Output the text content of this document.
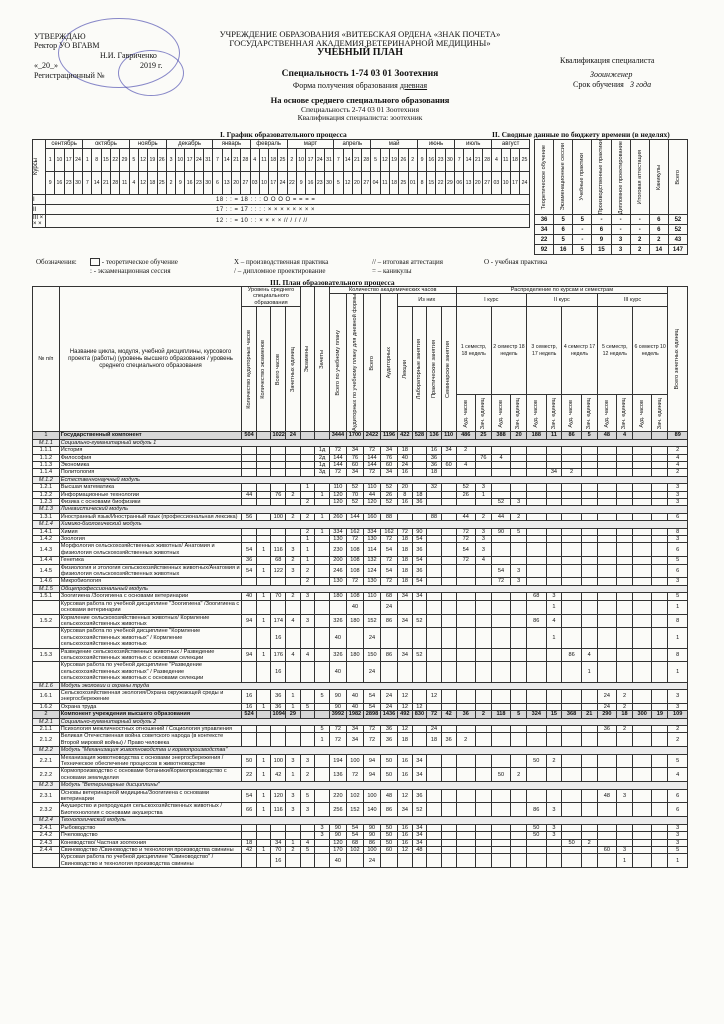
УТВЕРЖДАЮ
Ректор УО ВГАВМ
Н.И. Гавриченко
«_20_»	2019 г.
Регистрационный №
УЧРЕЖДЕНИЕ ОБРАЗОВАНИЯ «ВИТЕБСКАЯ ОРДЕНА «ЗНАК ПОЧЕТА»
ГОСУДАРСТВЕННАЯ АКАДЕМИЯ ВЕТЕРИНАРНОЙ МЕДИЦИНЫ»
УЧЕБНЫЙ ПЛАН
Квалификация специалиста
Зооинженер
Срок обучения 3 года
Специальность 1-74 03 01 Зоотехния
Форма получения образования дневная
На основе среднего специального образования
Специальность 2-74 03 01 Зоотехния
Квалификация специалиста: зоотехник
I. График образовательного процесса	II. Сводные данные по бюджету времени (в неделях)
Курсы	сентябрь				октябрь					ноябрь				декабрь					январь				февраль				март					апрель				май					июнь				июль				август			
	1	10	17	24	1	8	15	22	29	5	12	19	26	3	10	17	24	31	7	14	21	28	4	11	18	25	2	10	17	24	31	7	14	21	28	5	12	19	26	2	9	16	23	30	7	14	21	28	4	11	18	25
	9	16	23	30	7	14	21	28	11	4	12	18	25	2	9	16	23	30	6	13	20	27	03	10	17	24	22	9	16	23	30	5	12	20	27	04	11	18	25	01	8	15	22	29	06	13	20	27	03	10	17	24
I	18 : : = 18 : : : O O O O = = = =																																																			
II	17 : : = 17 : : : : × × × × × × × ×																																																			
III × × ×	12 : : = 10 : : × × × × // / / / //																																																			
Теоретическое обучение	Экзаменационные сессии	Учебные практики	Производственные практики	Дипломное проектирование	Итоговая аттестация	Каникулы	Всего

36	5	5	-	-	-	6	52
34	6	-	6	-	-	6	52
22	5	-	9	3	2	2	43
92	16	5	15	3	2	14	147
Обозначения:	- теоретическое обучение
: - экзаменационная сессия
X – производственная практика
/ – дипломное проектирование
// – итоговая аттестация
= – каникулы
O - учебная практика
III. План образовательного процесса
№ п/п	Название цикла, модуля, учебной дисциплины, курсового проекта (работы) (уровень высшего образования / уровень среднего специального образования	Уровень среднего специального образования				Экзамены	Зачеты	Количество академических часов								Распределение по курсам и семестрам												Всего зачетных единиц

								Всего по учебному плану	Аудиторных по учебному плану для дневной формы	Всего	Аудиторных	Из них				I курс				II курс				III курс				

		Количество аудиторных часов	Количество экзаменов	Всего часов	Зачетных единиц							Лекции	Лабораторные занятия	Практические занятия	Семинарские занятия	1 семестр, 18 недель		2 семестр 18 недель		3 семестр, 17 недель		4 семестр 17 недель		5 семестр, 12 недель		6 семестр 10 недель		

																Ауд. часов	Зач. единиц	Ауд. часов	Зач. единиц	Ауд. часов	Зач. единиц	Ауд. часов	Зач. единиц	Ауд. часов	Зач. единиц	Ауд. часов	Зач. единиц	

1	Государственный компонент	504		1022	24			3444	1700	2422	1196	422	528	136	110	486	25	388	20	188	11	86	5	48	4			89
М.1.1	Социально-гуманитарный модуль 1																											
1.1.1	История						1д	72	34	72	34	18		16	34	2												2
1.1.2	Философия						2д	144	76	144	76	40		36			76	4										4
1.1.3	Экономика						1д	144	60	144	60	24		36	60	4												4
1.1.4	Политология						3д	72	34	72	34	16		18							34	2						2
М.1.2	Естественнонаучный модуль																											
1.2.1	Высшая математика					1		110	52	110	52	20		32		52	3											3
1.2.2	Информационные технологии	44		76	2		1	120	70	44	26	8	18			26	1											3
1.2.3	Физика с основами биофизики					2		120	52	120	52	16	36					52	3									3
М.1.3	Лингвистический модуль																											
1.3.1	Иностранный язык/Иностранный язык (профессиональная лексика)	56		100	2	2	1	260	144	160	88			88		44	2	44	2									6
М.1.4	Химико-биологический модуль																											
1.4.1	Химия					2	1	334	162	334	162	72	90			72	3	90	5									8
1.4.2	Зоология					1		130	72	130	72	18	54			72	3											3
1.4.3	Морфология сельскохозяйственных животных/ Анатомия и физиология сельскохозяйственных животных	54	1	116	3	1		230	108	114	54	18	36			54	3											6
1.4.4	Генетика	36		68	2	1		200	108	132	72	18	54			72	4											5
1.4.5	Физиология и этология сельскохозяйственных животных/Анатомия и физиология сельскохозяйственных животных	54	1	122	3	2		246	108	124	54	18	36					54	3									6
1.4.6	Микробиология					2		130	72	130	72	18	54					72	3									3
М.1.5	Общепрофессиональный модуль																											
1.5.1	Зоогигиена /Зоогигиена с основами ветеринарии	40	1	70	2	3		180	108	110	68	34	34							68	3							5
	Курсовая работа по учебной дисциплине "Зоогигиена" /Зоогигиена с основами ветеринарии								40		24										1							1
1.5.2	Кормление сельскохозяйственных животных/ Кормление сельскохозяйственных животных	94	1	174	4	3		326	180	152	86	34	52							86	4							8
	Курсовая работа по учебной дисциплине "Кормление сельскохозяйственных животных" / Кормление сельскохозяйственных животных			16				40		24											1							1
1.5.3	Разведение сельскохозяйственных животных / Разведение сельскохозяйственных животных с основами селекции	94	1	176	4	4		326	180	150	86	34	52									86	4					8
	Курсовая работа по учебной дисциплине "Разведение сельскохозяйственных животных" / Разведение сельскохозяйственных животных с основами селекции			16				40		24													1					1
М.1.6	Модуль экологии и охраны труда																											
1.6.1	Сельскохозяйственная экология/Охрана окружающей среды и энергосбережение	16		36	1		5	90	40	54	24	12		12										24	2			3
1.6.2	Охрана труда	16	1	36	1	5		90	40	54	24	12	12											24	2			3
2	Компонент учреждения высшего образования	524		1094	29			3992	1982	2898	1436	492	830	72	42	36	2	118	5	324	15	368	21	290	18	300	19	109
М.2.1	Социально-гуманитарный модуль 2																											
2.1.1	Психология межличностных отношений / Социология управления						5	72	34	72	36	12		24										36	2			2
2.1.2	Великая Отечественная война советского народа (в контексте Второй мировой войны) / Право человека						1	72	34	72	36	18		18	36	2												2
М.2.2	Модуль "Механизация животноводства и кормопроизводства"																											
2.2.1	Механизация животноводства с основами энергосбережения / Техническое обеспечение процессов в животноводстве	50	1	100	3	3		194	100	94	50	16	34							50	2							5
2.2.2	Кормопроизводство с основами ботаники/Кормопроизводство с основами земледелия	22	1	42	1	2		136	72	94	50	16	34					50	2									4
М.2.3	Модуль "Ветеринарные дисциплины"																											
2.3.1	Основы ветеринарной медицины/Зоогигиена с основами ветеринарии	54	1	120	3	5		220	102	100	48	12	36											48	3			6
2.3.2	Акушерство и репродукция сельскохозяйственных животных / Биотехнология с основами акушерства	66	1	116	3	3		256	152	140	86	34	52							86	3							6
М.2.4	Технологический модуль																											
2.4.1	Рыбоводство						3	90	54	90	50	16	34							50	3							3
2.4.2	Пчеловодство						3	90	54	90	50	16	34							50	3							3
2.4.3	Коневодство/ Частная зоотехния	18		34	1	4		120	68	86	50	16	34									50	2					3
2.4.4	Свиноводство /Свиноводство и технология производства свинины	42	1	70	2	5		170	102	100	60	12	48											60	3			5
	Курсовая работа по учебной дисциплине "Свиноводство" / Свиноводство и технология производства свинины			16				40		24															1			1
